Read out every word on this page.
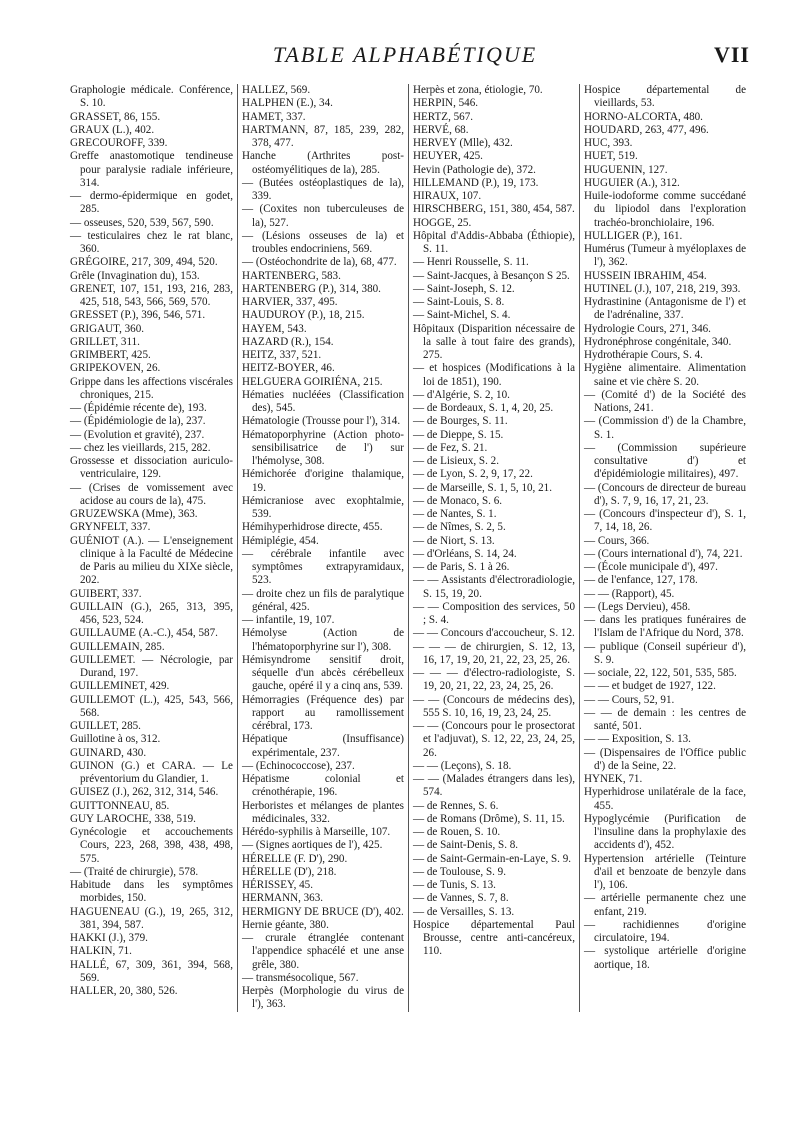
TABLE ALPHABÉTIQUE	VII

Graphologie médicale. Conférence, S. 10.

GRASSET, 86, 155.

GRAUX (L.), 402.

GRECOUROFF, 339.

Greffe anastomotique tendineuse pour paralysie radiale inférieure, 314.

— dermo-épidermique en godet, 285.

— osseuses, 520, 539, 567, 590.

— testiculaires chez le rat blanc, 360.

GRÉGOIRE, 217, 309, 494, 520.

Grêle (Invagination du), 153.

GRENET, 107, 151, 193, 216, 283, 425, 518, 543, 566, 569, 570.

GRESSET (P.), 396, 546, 571.

GRIGAUT, 360.

GRILLET, 311.

GRIMBERT, 425.

GRIPEKOVEN, 26.

Grippe dans les affections viscérales chroniques, 215.

— (Épidémie récente de), 193.

— (Épidémiologie de la), 237.

— (Evolution et gravité), 237.

— chez les vieillards, 215, 282.

Grossesse et dissociation auriculo-ventriculaire, 129.

— (Crises de vomissement avec acidose au cours de la), 475.

GRUZEWSKA (Mme), 363.

GRYNFELT, 337.

GUÉNIOT (A.). — L'enseignement clinique à la Faculté de Médecine de Paris au milieu du XIXe siècle, 202.

GUIBERT, 337.

GUILLAIN (G.), 265, 313, 395, 456, 523, 524.

GUILLAUME (A.-C.), 454, 587.

GUILLEMAIN, 285.

GUILLEMET. — Nécrologie, par Durand, 197.

GUILLEMINET, 429.

GUILLEMOT (L.), 425, 543, 566, 568.

GUILLET, 285.

Guillotine à os, 312.

GUINARD, 430.

GUINON (G.) et CARA. — Le préventorium du Glandier, 1.

GUISEZ (J.), 262, 312, 314, 546.

GUITTONNEAU, 85.

GUY LAROCHE, 338, 519.

Gynécologie et accouchements Cours, 223, 268, 398, 438, 498, 575.

— (Traité de chirurgie), 578.

Habitude dans les symptômes morbides, 150.

HAGUENEAU (G.), 19, 265, 312, 381, 394, 587.

HAKKI (J.), 379.

HALKIN, 71.

HALLÉ, 67, 309, 361, 394, 568, 569.

HALLER, 20, 380, 526.

HALLEZ, 569.

HALPHEN (E.), 34.

HAMET, 337.

HARTMANN, 87, 185, 239, 282, 378, 477.

Hanche (Arthrites post-ostéomyélitiques de la), 285.

— (Butées ostéoplastiques de la), 339.

— (Coxites non tuberculeuses de la), 527.

— (Lésions osseuses de la) et troubles endocriniens, 569.

— (Ostéochondrite de la), 68, 477.

HARTENBERG, 583.

HARTENBERG (P.), 314, 380.

HARVIER, 337, 495.

HAUDUROY (P.), 18, 215.

HAYEM, 543.

HAZARD (R.), 154.

HEITZ, 337, 521.

HEITZ-BOYER, 46.

HELGUERA GOIRIÉNA, 215.

Hématies nucléées (Classification des), 545.

Hématologie (Trousse pour l'), 314.

Hématoporphyrine (Action photo-sensibilisatrice de l') sur l'hémolyse, 308.

Hémichorée d'origine thalamique, 19.

Hémicraniose avec exophtalmie, 539.

Hémihyperhidrose directe, 455.

Hémiplégie, 454.

— cérébrale infantile avec symptômes extrapyramidaux, 523.

— droite chez un fils de paralytique général, 425.

— infantile, 19, 107.

Hémolyse (Action de l'hématoporphyrine sur l'), 308.

Hémisyndrome sensitif droit, séquelle d'un abcès cérébelleux gauche, opéré il y a cinq ans, 539.

Hémorragies (Fréquence des) par rapport au ramollissement cérébral, 173.

Hépatique (Insuffisance) expérimentale, 237.

— (Echinococcose), 237.

Hépatisme colonial et crénothérapie, 196.

Herboristes et mélanges de plantes médicinales, 332.

Hérédo-syphilis à Marseille, 107.

— (Signes aortiques de l'), 425.

HÉRELLE (F. D'), 290.

HÉRELLE (D'), 218.

HÉRISSEY, 45.

HERMANN, 363.

HERMIGNY DE BRUCE (D'), 402.

Hernie géante, 380.

— crurale étranglée contenant l'appendice sphacélé et une anse grêle, 380.

— transmésocolique, 567.

Herpès (Morphologie du virus de l'), 363.

Herpès et zona, étiologie, 70.

HERPIN, 546.

HERTZ, 567.

HERVÉ, 68.

HERVEY (Mlle), 432.

HEUYER, 425.

Hevin (Pathologie de), 372.

HILLEMAND (P.), 19, 173.

HIRAUX, 107.

HIRSCHBERG, 151, 380, 454, 587.

HOGGE, 25.

Hôpital d'Addis-Abbaba (Éthiopie), S. 11.

— Henri Rousselle, S. 11.

— Saint-Jacques, à Besançon S 25.

— Saint-Joseph, S. 12.

— Saint-Louis, S. 8.

— Saint-Michel, S. 4.

Hôpitaux (Disparition nécessaire de la salle à tout faire des grands), 275.

— et hospices (Modifications à la loi de 1851), 190.

— d'Algérie, S. 2, 10.

— de Bordeaux, S. 1, 4, 20, 25.

— de Bourges, S. 11.

— de Dieppe, S. 15.

— de Fez, S. 21.

— de Lisieux, S. 2.

— de Lyon, S. 2, 9, 17, 22.

— de Marseille, S. 1, 5, 10, 21.

— de Monaco, S. 6.

— de Nantes, S. 1.

— de Nîmes, S. 2, 5.

— de Niort, S. 13.

— d'Orléans, S. 14, 24.

— de Paris, S. 1 à 26.

— — Assistants d'électroradiologie, S. 15, 19, 20.

— — Composition des services, 50 ; S. 4.

— — Concours d'accoucheur, S. 12.

— — — de chirurgien, S. 12, 13, 16, 17, 19, 20, 21, 22, 23, 25, 26.

— — — d'électro-radiologiste, S. 19, 20, 21, 22, 23, 24, 25, 26.

— — (Concours de médecins des), 555 S. 10, 16, 19, 23, 24, 25.

— — (Concours pour le prosectorat et l'adjuvat), S. 12, 22, 23, 24, 25, 26.

— — (Leçons), S. 18.

— — (Malades étrangers dans les), 574.

— de Rennes, S. 6.

— de Romans (Drôme), S. 11, 15.

— de Rouen, S. 10.

— de Saint-Denis, S. 8.

— de Saint-Germain-en-Laye, S. 9.

— de Toulouse, S. 9.

— de Tunis, S. 13.

— de Vannes, S. 7, 8.

— de Versailles, S. 13.

Hospice départemental Paul Brousse, centre anti-cancéreux, 110.

Hospice départemental de vieillards, 53.

HORNO-ALCORTA, 480.

HOUDARD, 263, 477, 496.

HUC, 393.

HUET, 519.

HUGUENIN, 127.

HUGUIER (A.), 312.

Huile-iodoforme comme succédané du lipiodol dans l'exploration trachéo-bronchiolaire, 196.

HULLIGER (P.), 161.

Humérus (Tumeur à myéloplaxes de l'), 362.

HUSSEIN IBRAHIM, 454.

HUTINEL (J.), 107, 218, 219, 393.

Hydrastinine (Antagonisme de l') et de l'adrénaline, 337.

Hydrologie Cours, 271, 346.

Hydronéphrose congénitale, 340.

Hydrothérapie Cours, S. 4.

Hygiène alimentaire. Alimentation saine et vie chère S. 20.

— (Comité d') de la Société des Nations, 241.

— (Commission d') de la Chambre, S. 1.

— (Commission supérieure consultative d') et d'épidémiologie militaires), 497.

— (Concours de directeur de bureau d'), S. 7, 9, 16, 17, 21, 23.

— (Concours d'inspecteur d'), S. 1, 7, 14, 18, 26.

— Cours, 366.

— (Cours international d'), 74, 221.

— (École municipale d'), 497.

— de l'enfance, 127, 178.

— — (Rapport), 45.

— (Legs Dervieu), 458.

— dans les pratiques funéraires de l'Islam de l'Afrique du Nord, 378.

— publique (Conseil supérieur d'), S. 9.

— sociale, 22, 122, 501, 535, 585.

— — et budget de 1927, 122.

— — Cours, 52, 91.

— — de demain : les centres de santé, 501.

— — Exposition, S. 13.

— (Dispensaires de l'Office public d') de la Seine, 22.

HYNEK, 71.

Hyperhidrose unilatérale de la face, 455.

Hypoglycémie (Purification de l'insuline dans la prophylaxie des accidents d'), 452.

Hypertension artérielle (Teinture d'ail et benzoate de benzyle dans l'), 106.

— artérielle permanente chez une enfant, 219.

— rachidiennes d'origine circulatoire, 194.

— systolique artérielle d'origine aortique, 18.
